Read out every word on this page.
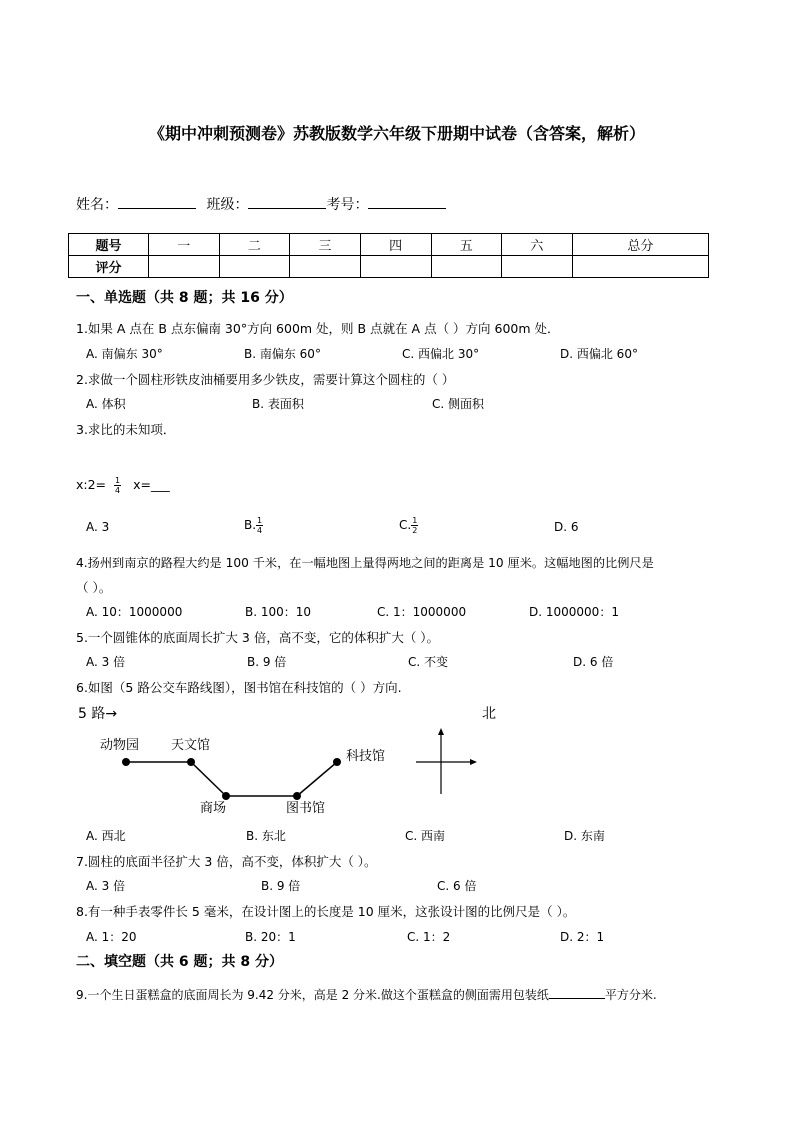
《期中冲刺预测卷》苏教版数学六年级下册期中试卷（含答案，解析）
姓名：	班级：	考号：
题号	一	二	三	四	五	六	总分
评分							
一、单选题（共 8 题；共 16 分）
1.如果 A 点在 B 点东偏南 30°方向 600m 处，则 B 点就在 A 点（ ）方向 600m 处．
A. 南偏东 30°	B. 南偏东 60°	C. 西偏北 30°	D. 西偏北 60°
2.求做一个圆柱形铁皮油桶要用多少铁皮，需要计算这个圆柱的（ ）
A. 体积	B. 表面积	C. 侧面积
3.求比的未知项．
x:2= $\frac{1}{4}$ x=___
A. 3	B. $\frac{1}{4}$	C. $\frac{1}{2}$	D. 6
4.扬州到南京的路程大约是 100 千米，在一幅地图上量得两地之间的距离是 10 厘米。这幅地图的比例尺是
（ ）。
A. 10：1000000	B. 100：10	C. 1：1000000	D. 1000000：1
5.一个圆锥体的底面周长扩大 3 倍，高不变，它的体积扩大（ ）。
A. 3 倍	B. 9 倍	C. 不变	D. 6 倍
6.如图（5 路公交车路线图），图书馆在科技馆的（ ）方向.
5 路→	北
动物园 天文馆
商场	图书馆
科技馆
A. 西北	B. 东北	C. 西南	D. 东南
7.圆柱的底面半径扩大 3 倍，高不变，体积扩大（ ）。
A. 3 倍	B. 9 倍	C. 6 倍
8.有一种手表零件长 5 毫米，在设计图上的长度是 10 厘米，这张设计图的比例尺是（ ）。
A. 1：20	B. 20：1	C. 1：2	D. 2：1
二、填空题（共 6 题；共 8 分）
9.一个生日蛋糕盒的底面周长为 9.42 分米，高是 2 分米.做这个蛋糕盒的侧面需用包装纸	平方分米.
